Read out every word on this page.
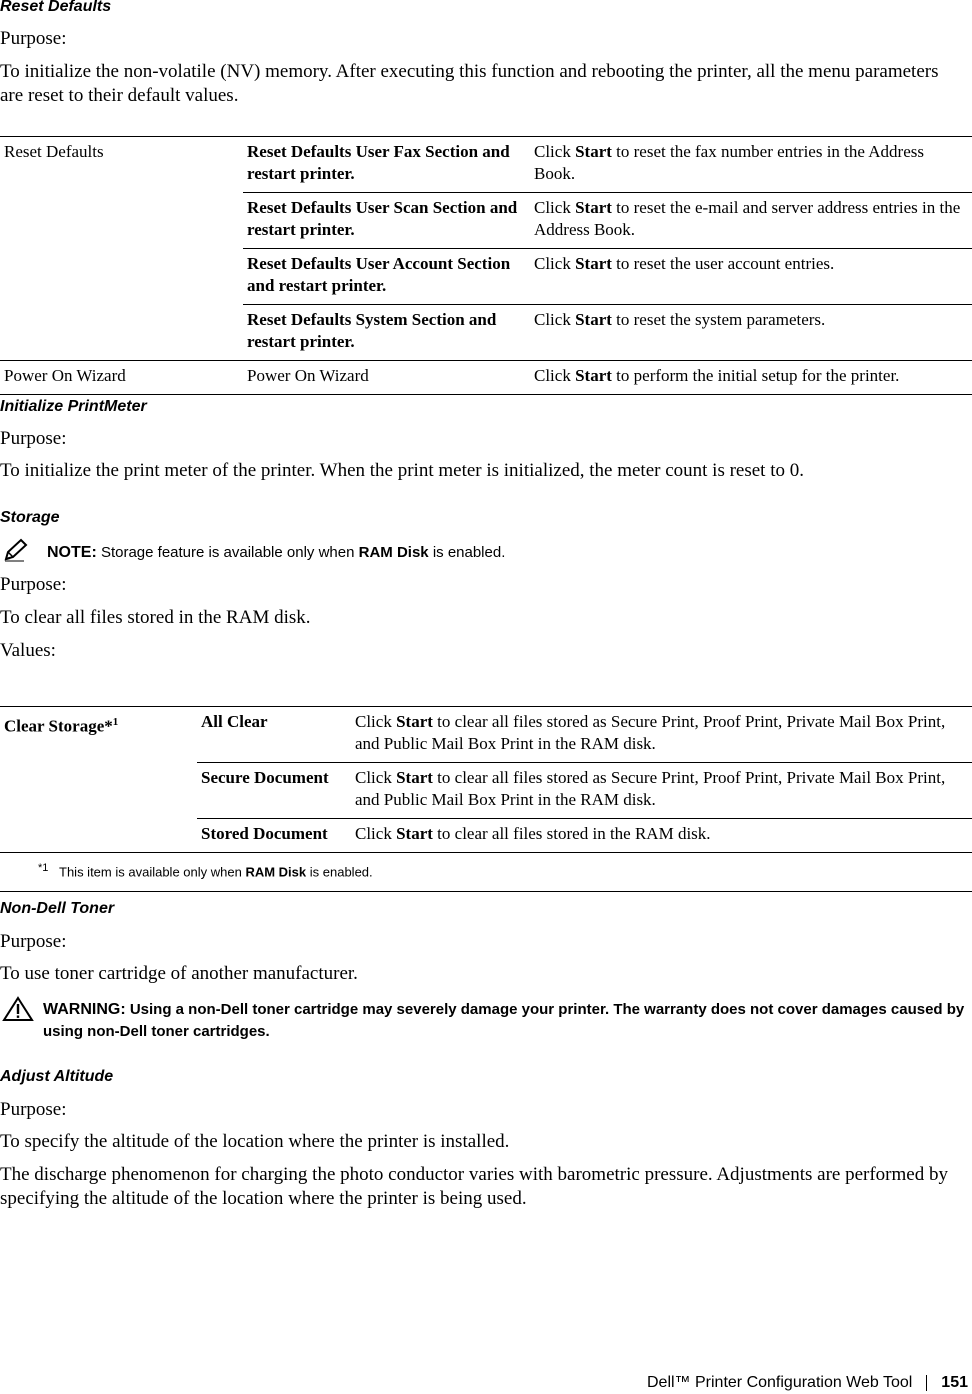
Reset Defaults
Purpose:
To initialize the non-volatile (NV) memory. After executing this function and rebooting the printer, all the menu parameters are reset to their default values.
Reset Defaults	Reset Defaults User Fax Section and restart printer.	Click Start to reset the fax number entries in the Address Book.
	Reset Defaults User Scan Section and restart printer.	Click Start to reset the e-mail and server address entries in the Address Book.
	Reset Defaults User Account Section and restart printer.	Click Start to reset the user account entries.
	Reset Defaults System Section and restart printer.	Click Start to reset the system parameters.
Power On Wizard	Power On Wizard	Click Start to perform the initial setup for the printer.
Initialize PrintMeter
Purpose:
To initialize the print meter of the printer. When the print meter is initialized, the meter count is reset to 0.
Storage
NOTE: Storage feature is available only when RAM Disk is enabled.
Purpose:
To clear all files stored in the RAM disk.
Values:
Clear Storage*$^1$	All Clear	Click Start to clear all files stored as Secure Print, Proof Print, Private Mail Box Print, and Public Mail Box Print in the RAM disk.
	Secure Document	Click Start to clear all files stored as Secure Print, Proof Print, Private Mail Box Print, and Public Mail Box Print in the RAM disk.
	Stored Document	Click Start to clear all files stored in the RAM disk.
$^{*1}$ This item is available only when RAM Disk is enabled.		
Non-Dell Toner
Purpose:
To use toner cartridge of another manufacturer.
WARNING: Using a non-Dell toner cartridge may severely damage your printer. The warranty does not cover damages caused by using non-Dell toner cartridges.
Adjust Altitude
Purpose:
To specify the altitude of the location where the printer is installed.
The discharge phenomenon for charging the photo conductor varies with barometric pressure. Adjustments are performed by specifying the altitude of the location where the printer is being used.
Dell™ Printer Configuration Web Tool 151
